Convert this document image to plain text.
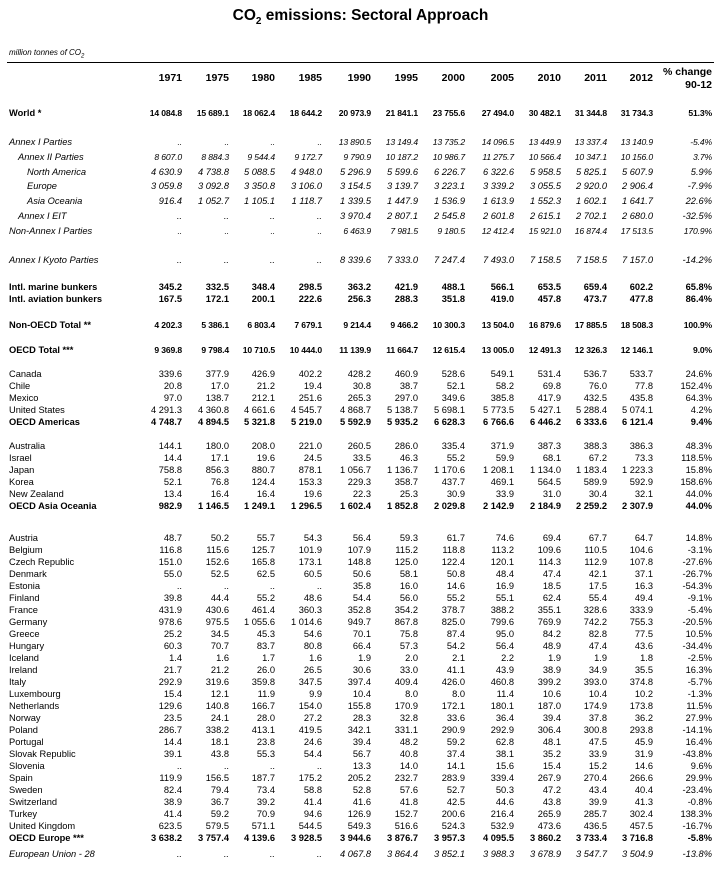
$CO_2$ emissions: Sectoral Approach
million tonnes of $CO_2$
% change
90-12
1971	1975	1980	1985	1990	1995	2000	2005	2010	2011	2012
World *	14 084.8	15 689.1	18 062.4	18 644.2	20 973.9	21 841.1	23 755.6	27 494.0	30 482.1	31 344.8	31 734.3	51.3%
Annex I Parties	..	..	..	..	13 890.5	13 149.4	13 735.2	14 096.5	13 449.9	13 337.4	13 140.9	-5.4%
Annex II Parties	8 607.0	8 884.3	9 544.4	9 172.7	9 790.9	10 187.2	10 986.7	11 275.7	10 566.4	10 347.1	10 156.0	3.7%
North America	4 630.9	4 738.8	5 088.5	4 948.0	5 296.9	5 599.6	6 226.7	6 322.6	5 958.5	5 825.1	5 607.9	5.9%
Europe	3 059.8	3 092.8	3 350.8	3 106.0	3 154.5	3 139.7	3 223.1	3 339.2	3 055.5	2 920.0	2 906.4	-7.9%
Asia Oceania	916.4	1 052.7	1 105.1	1 118.7	1 339.5	1 447.9	1 536.9	1 613.9	1 552.3	1 602.1	1 641.7	22.6%
Annex I EIT	..	..	..	..	3 970.4	2 807.1	2 545.8	2 601.8	2 615.1	2 702.1	2 680.0	-32.5%
Non-Annex I Parties	..	..	..	..	6 463.9	7 981.5	9 180.5	12 412.4	15 921.0	16 874.4	17 513.5	170.9%
Annex I Kyoto Parties	..	..	..	..	8 339.6	7 333.0	7 247.4	7 493.0	7 158.5	7 158.5	7 157.0	-14.2%
Intl. marine bunkers	345.2	332.5	348.4	298.5	363.2	421.9	488.1	566.1	653.5	659.4	602.2	65.8%
Intl. aviation bunkers	167.5	172.1	200.1	222.6	256.3	288.3	351.8	419.0	457.8	473.7	477.8	86.4%
Non-OECD Total **	4 202.3	5 386.1	6 803.4	7 679.1	9 214.4	9 466.2	10 300.3	13 504.0	16 879.6	17 885.5	18 508.3	100.9%
OECD Total ***	9 369.8	9 798.4	10 710.5	10 444.0	11 139.9	11 664.7	12 615.4	13 005.0	12 491.3	12 326.3	12 146.1	9.0%
Canada	339.6	377.9	426.9	402.2	428.2	460.9	528.6	549.1	531.4	536.7	533.7	24.6%
Chile	20.8	17.0	21.2	19.4	30.8	38.7	52.1	58.2	69.8	76.0	77.8	152.4%
Mexico	97.0	138.7	212.1	251.6	265.3	297.0	349.6	385.8	417.9	432.5	435.8	64.3%
United States	4 291.3	4 360.8	4 661.6	4 545.7	4 868.7	5 138.7	5 698.1	5 773.5	5 427.1	5 288.4	5 074.1	4.2%
OECD Americas	4 748.7	4 894.5	5 321.8	5 219.0	5 592.9	5 935.2	6 628.3	6 766.6	6 446.2	6 333.6	6 121.4	9.4%
Australia	144.1	180.0	208.0	221.0	260.5	286.0	335.4	371.9	387.3	388.3	386.3	48.3%
Israel	14.4	17.1	19.6	24.5	33.5	46.3	55.2	59.9	68.1	67.2	73.3	118.5%
Japan	758.8	856.3	880.7	878.1	1 056.7	1 136.7	1 170.6	1 208.1	1 134.0	1 183.4	1 223.3	15.8%
Korea	52.1	76.8	124.4	153.3	229.3	358.7	437.7	469.1	564.5	589.9	592.9	158.6%
New Zealand	13.4	16.4	16.4	19.6	22.3	25.3	30.9	33.9	31.0	30.4	32.1	44.0%
OECD Asia Oceania	982.9	1 146.5	1 249.1	1 296.5	1 602.4	1 852.8	2 029.8	2 142.9	2 184.9	2 259.2	2 307.9	44.0%
Austria	48.7	50.2	55.7	54.3	56.4	59.3	61.7	74.6	69.4	67.7	64.7	14.8%
Belgium	116.8	115.6	125.7	101.9	107.9	115.2	118.8	113.2	109.6	110.5	104.6	-3.1%
Czech Republic	151.0	152.6	165.8	173.1	148.8	125.0	122.4	120.1	114.3	112.9	107.8	-27.6%
Denmark	55.0	52.5	62.5	60.5	50.6	58.1	50.8	48.4	47.4	42.1	37.1	-26.7%
Estonia	..	..	..	..	35.8	16.0	14.6	16.9	18.5	17.5	16.3	-54.3%
Finland	39.8	44.4	55.2	48.6	54.4	56.0	55.2	55.1	62.4	55.4	49.4	-9.1%
France	431.9	430.6	461.4	360.3	352.8	354.2	378.7	388.2	355.1	328.6	333.9	-5.4%
Germany	978.6	975.5	1 055.6	1 014.6	949.7	867.8	825.0	799.6	769.9	742.2	755.3	-20.5%
Greece	25.2	34.5	45.3	54.6	70.1	75.8	87.4	95.0	84.2	82.8	77.5	10.5%
Hungary	60.3	70.7	83.7	80.8	66.4	57.3	54.2	56.4	48.9	47.4	43.6	-34.4%
Iceland	1.4	1.6	1.7	1.6	1.9	2.0	2.1	2.2	1.9	1.9	1.8	-2.5%
Ireland	21.7	21.2	26.0	26.5	30.6	33.0	41.1	43.9	38.9	34.9	35.5	16.3%
Italy	292.9	319.6	359.8	347.5	397.4	409.4	426.0	460.8	399.2	393.0	374.8	-5.7%
Luxembourg	15.4	12.1	11.9	9.9	10.4	8.0	8.0	11.4	10.6	10.4	10.2	-1.3%
Netherlands	129.6	140.8	166.7	154.0	155.8	170.9	172.1	180.1	187.0	174.9	173.8	11.5%
Norway	23.5	24.1	28.0	27.2	28.3	32.8	33.6	36.4	39.4	37.8	36.2	27.9%
Poland	286.7	338.2	413.1	419.5	342.1	331.1	290.9	292.9	306.4	300.8	293.8	-14.1%
Portugal	14.4	18.1	23.8	24.6	39.4	48.2	59.2	62.8	48.1	47.5	45.9	16.4%
Slovak Republic	39.1	43.8	55.3	54.4	56.7	40.8	37.4	38.1	35.2	33.9	31.9	-43.8%
Slovenia	..	..	..	..	13.3	14.0	14.1	15.6	15.4	15.2	14.6	9.6%
Spain	119.9	156.5	187.7	175.2	205.2	232.7	283.9	339.4	267.9	270.4	266.6	29.9%
Sweden	82.4	79.4	73.4	58.8	52.8	57.6	52.7	50.3	47.2	43.4	40.4	-23.4%
Switzerland	38.9	36.7	39.2	41.4	41.6	41.8	42.5	44.6	43.8	39.9	41.3	-0.8%
Turkey	41.4	59.2	70.9	94.6	126.9	152.7	200.6	216.4	265.9	285.7	302.4	138.3%
United Kingdom	623.5	579.5	571.1	544.5	549.3	516.6	524.3	532.9	473.6	436.5	457.5	-16.7%
OECD Europe ***	3 638.2	3 757.4	4 139.6	3 928.5	3 944.6	3 876.7	3 957.3	4 095.5	3 860.2	3 733.4	3 716.8	-5.8%
European Union - 28	..	..	..	..	4 067.8	3 864.4	3 852.1	3 988.3	3 678.9	3 547.7	3 504.9	-13.8%
